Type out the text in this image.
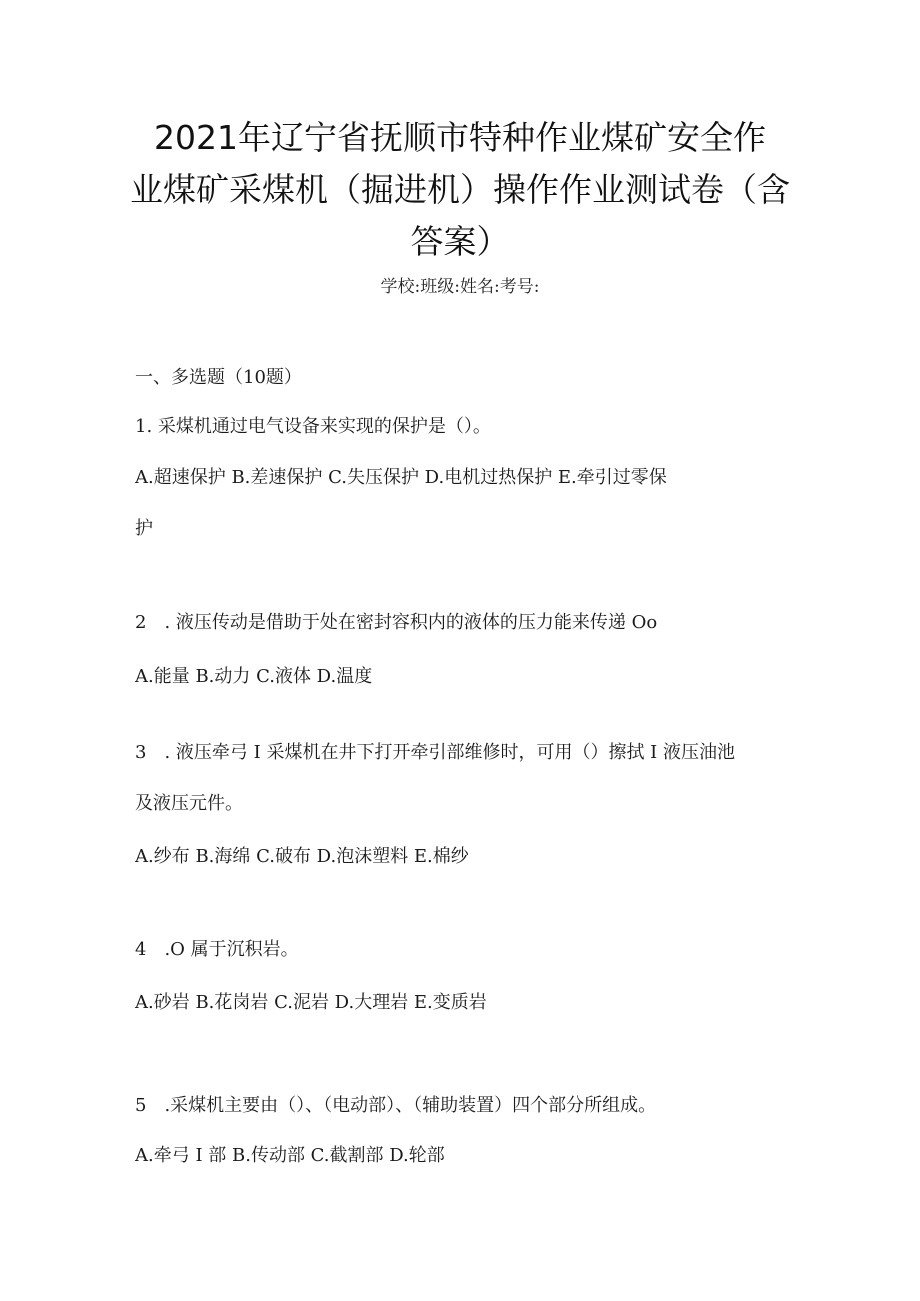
2021年辽宁省抚顺市特种作业煤矿安全作
业煤矿采煤机（掘进机）操作作业测试卷（含
答案）
学校:班级:姓名:考号:
一、多选题（10题）
1. 采煤机通过电气设备来实现的保护是（）。
A.超速保护 B.差速保护 C.失压保护 D.电机过热保护 E.牵引过零保
护
2　. 液压传动是借助于处在密封容积内的液体的压力能来传递 Oo
A.能量 B.动力 C.液体 D.温度
3　. 液压牵弓 I 采煤机在井下打开牵引部维修时，可用（）擦拭 I 液压油池
及液压元件。
A.纱布 B.海绵 C.破布 D.泡沫塑料 E.棉纱
4　.O 属于沉积岩。
A.砂岩 B.花岗岩 C.泥岩 D.大理岩 E.变质岩
5　.采煤机主要由（）、（电动部）、（辅助装置）四个部分所组成。
A.牵弓 I 部 B.传动部 C.截割部 D.轮部
